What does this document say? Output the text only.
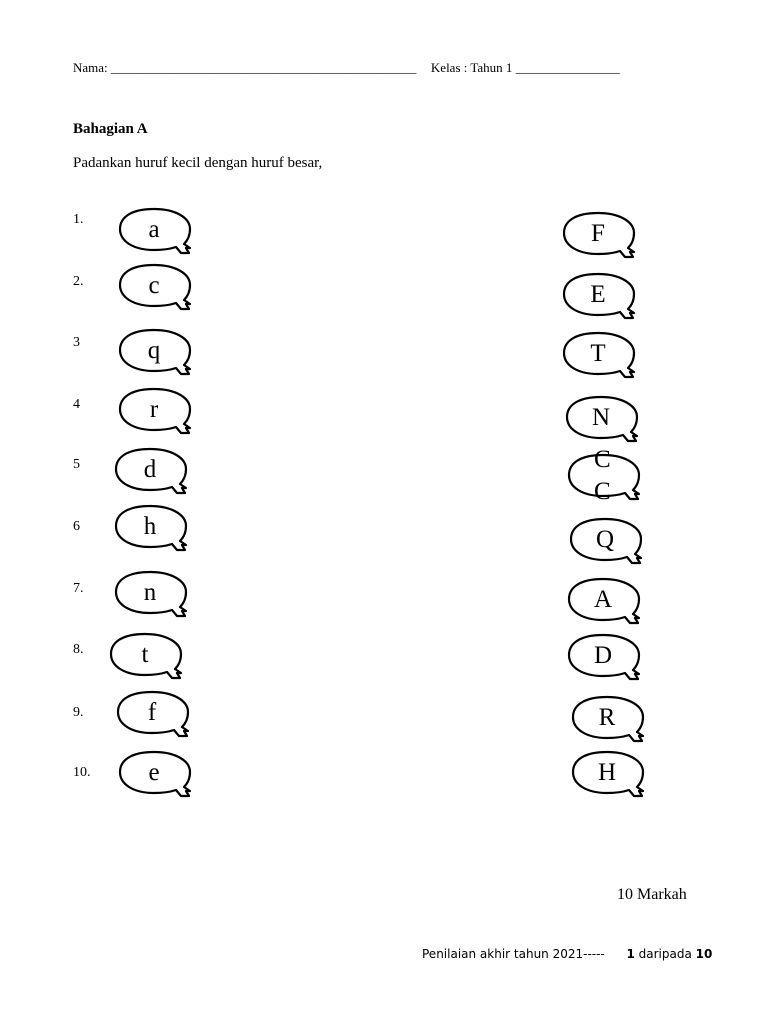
Nama: _______________________________________________ Kelas : Tahun 1 ________________
Bahagian A
Padankan huruf kecil dengan huruf besar,
1.	a
2.	c
3	q
4	r
5	d
6	h
7.	n
8.	t
9.	f
10.	e
F
E
T
N
C
C
Q
A
D
R
H
10 Markah
Penilaian akhir tahun 2021----- 1 daripada 10
